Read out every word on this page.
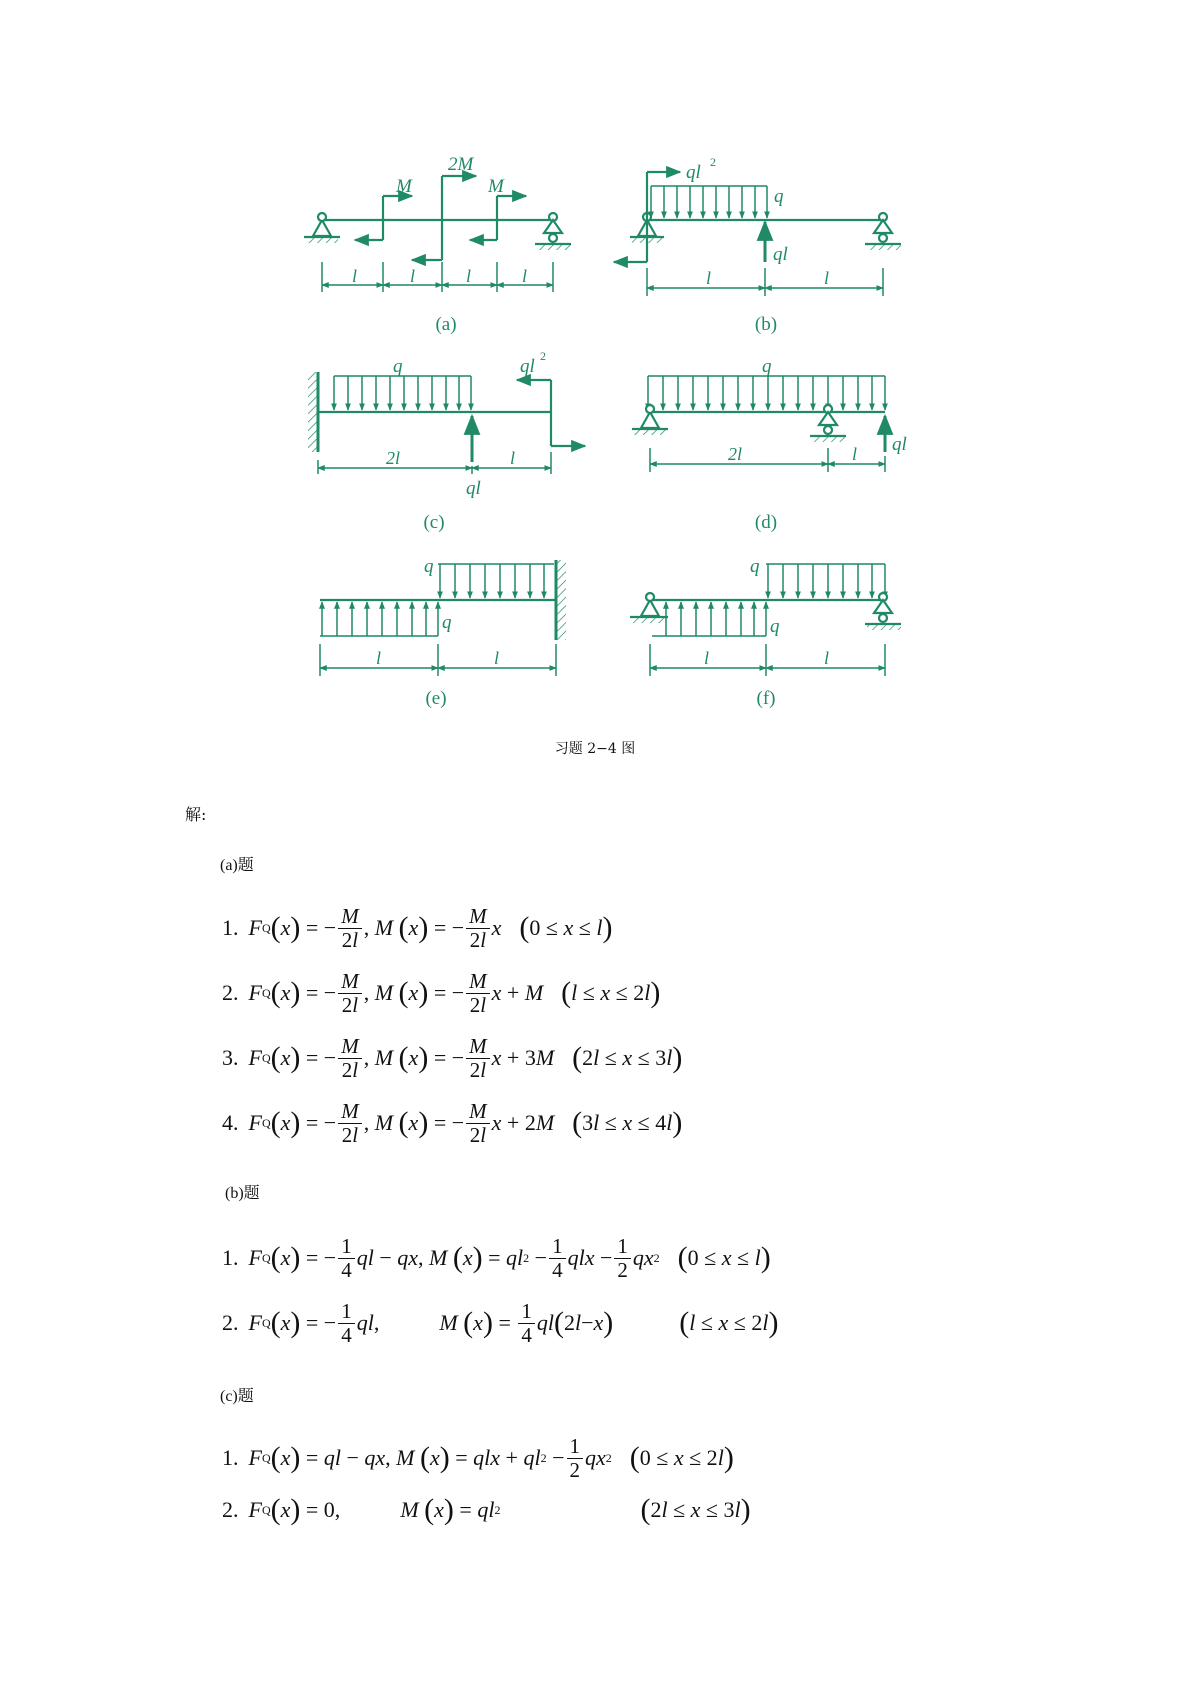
M
2M
M
l	l	l	l
(a)
ql 2
q
ql
l	l
(b)
q	ql 2
ql
2l	l
(c)
q
ql
2l	l
(d)
q
q
l	l
(e)
q
q
l	l
(f)
习题 2−4 图
解:
(a)题
1. F Q ( x ) = − $\frac{M}{2l}$ , M
( x ) = − $\frac{M}{2l}$ x (0 ≤ x ≤ l)
2. F Q ( x ) = − $\frac{M}{2l}$ , M
( x ) = − $\frac{M}{2l}$ x + M (l ≤ x ≤ 2l)
3. F Q ( x ) = − $\frac{M}{2l}$ , M
( x ) = − $\frac{M}{2l}$ x + 3 M (2l ≤ x ≤ 3l)
4. F Q ( x ) = − $\frac{M}{2l}$ , M
( x ) = − $\frac{M}{2l}$ x + 2 M (3l ≤ x ≤ 4l)
(b)题
1. F Q ( x ) = − $\frac{1}{4}$ ql − qx , M
( x ) = ql $2 - \frac{1}{4}$ qlx − $\frac{1}{2}$ qx 2 (0 ≤ x ≤ l)
2. F Q ( x ) = − $\frac{1}{4}$ ql ,	M
( x ) = $\frac{1}{4}$ ql ( 2 l − x ) (l ≤ x ≤ 2l)
(c)题
1. F Q ( x ) = ql − qx , M
( x ) = qlx + ql $2 - \frac{1}{2}$ qx 2 (0 ≤ x ≤ 2l)
2. F Q ( x ) = 0,	M
( x ) = ql 2	(2l ≤ x ≤ 3l)
